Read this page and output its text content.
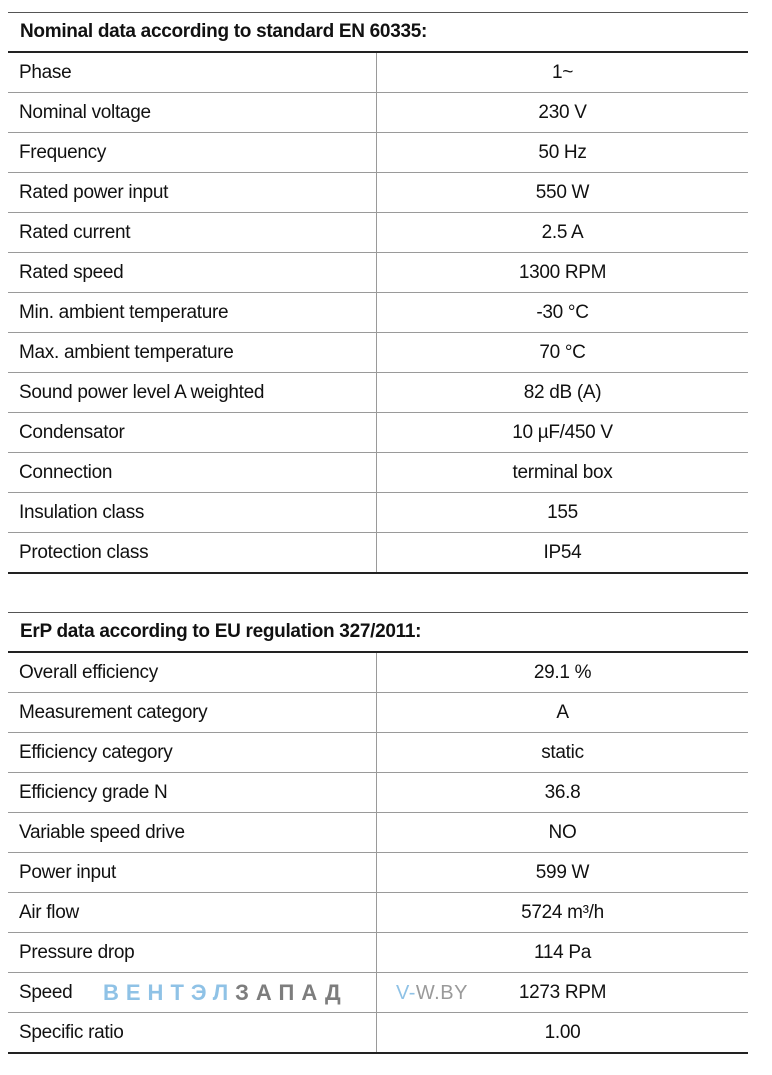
Nominal data according to standard EN 60335:
Phase	1~
Nominal voltage	230 V
Frequency	50 Hz
Rated power input	550 W
Rated current	2.5 A
Rated speed	1300 RPM
Min. ambient temperature	-30 °C
Max. ambient temperature	70 °C
Sound power level A weighted	82 dB (A)
Condensator	10 µF/450 V
Connection	terminal box
Insulation class	155
Protection class	IP54
ErP data according to EU regulation 327/2011:
Overall efficiency	29.1 %
Measurement category	A
Efficiency category	static
Efficiency grade N	36.8
Variable speed drive	NO
Power input	599 W
Air flow	5724 m³/h
Pressure drop	114 Pa
Speed	1273 RPM
ВЕНТЭЛ ЗАПАД V- W.BY
Specific ratio	1.00
